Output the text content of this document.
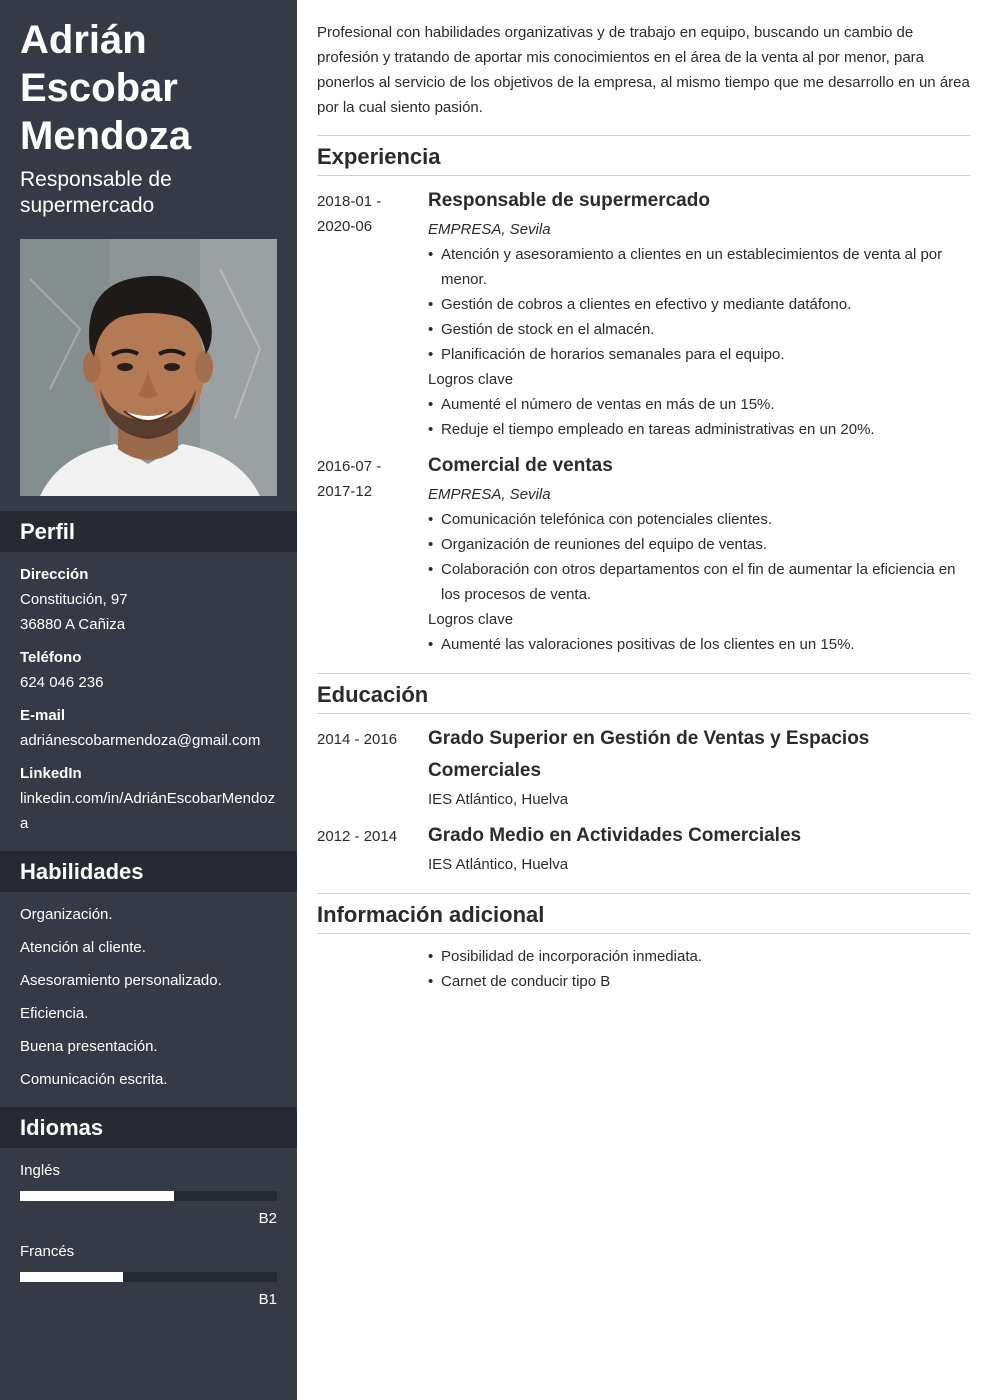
Adrián Escobar Mendoza
Responsable de supermercado
Perfil
Dirección
Constitución, 97
36880 A Cañiza
Teléfono
624 046 236
E-mail
adriánescobarmendoza@gmail.com
LinkedIn
linkedin.com/in/AdriánEscobarMendoza
Habilidades
Organización.
Atención al cliente.
Asesoramiento personalizado.
Eficiencia.
Buena presentación.
Comunicación escrita.
Idiomas
Inglés
B2
Francés
B1

Profesional con habilidades organizativas y de trabajo en equipo, buscando un cambio de profesión y tratando de aportar mis conocimientos en el área de la venta al por menor, para ponerlos al servicio de los objetivos de la empresa, al mismo tiempo que me desarrollo en un área por la cual siento pasión.

Experiencia
2018-01 - 2020-06
Responsable de supermercado
EMPRESA, Sevila
• Atención y asesoramiento a clientes en un establecimientos de venta al por menor.
• Gestión de cobros a clientes en efectivo y mediante datáfono.
• Gestión de stock en el almacén.
• Planificación de horarios semanales para el equipo.
Logros clave
• Aumenté el número de ventas en más de un 15%.
• Reduje el tiempo empleado en tareas administrativas en un 20%.
2016-07 - 2017-12
Comercial de ventas
EMPRESA, Sevila
• Comunicación telefónica con potenciales clientes.
• Organización de reuniones del equipo de ventas.
• Colaboración con otros departamentos con el fin de aumentar la eficiencia en los procesos de venta.
Logros clave
• Aumenté las valoraciones positivas de los clientes en un 15%.
Educación
2014 - 2016	Grado Superior en Gestión de Ventas y Espacios Comerciales
IES Atlántico, Huelva
2012 - 2014	Grado Medio en Actividades Comerciales
IES Atlántico, Huelva
Información adicional
• Posibilidad de incorporación inmediata.
• Carnet de conducir tipo B
